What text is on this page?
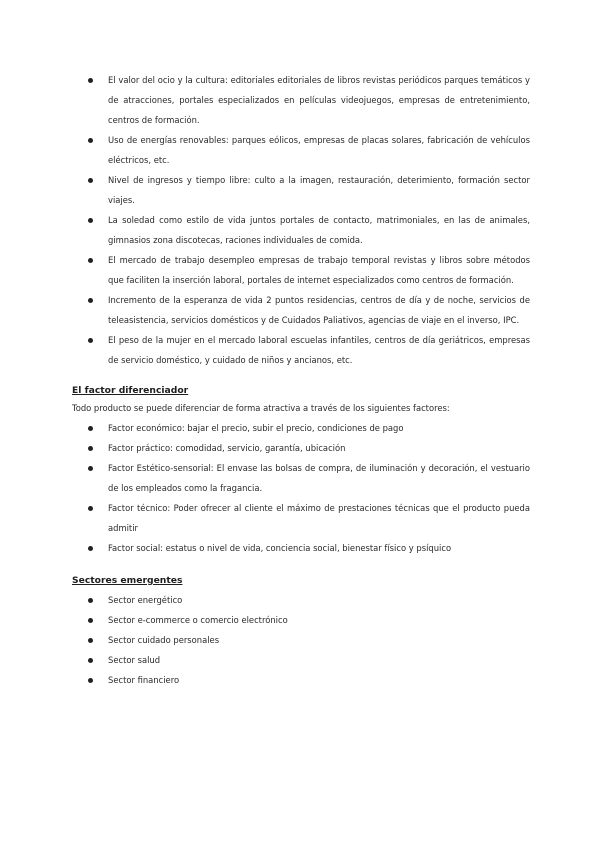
El valor del ocio y la cultura: editoriales editoriales de libros revistas periódicos parques temáticos y de atracciones, portales especializados en películas videojuegos, empresas de entretenimiento, centros de formación.
Uso de energías renovables: parques eólicos, empresas de placas solares, fabricación de vehículos eléctricos, etc.
Nivel de ingresos y tiempo libre: culto a la imagen, restauración, deterimiento, formación sector viajes.
La soledad como estilo de vida juntos portales de contacto, matrimoniales, en las de animales, gimnasios zona discotecas, raciones individuales de comida.
El mercado de trabajo desempleo empresas de trabajo temporal revistas y libros sobre métodos que faciliten la inserción laboral, portales de internet especializados como centros de formación.
Incremento de la esperanza de vida 2 puntos residencias, centros de día y de noche, servicios de teleasistencia, servicios domésticos y de Cuidados Paliativos, agencias de viaje en el inverso, IPC.
El peso de la mujer en el mercado laboral escuelas infantiles, centros de día geriátricos, empresas de servicio doméstico, y cuidado de niños y ancianos, etc.
El factor diferenciador
Todo producto se puede diferenciar de forma atractiva a través de los siguientes factores:
Factor económico: bajar el precio, subir el precio, condiciones de pago
Factor práctico: comodidad, servicio, garantía, ubicación
Factor Estético-sensorial: El envase las bolsas de compra, de iluminación y decoración, el vestuario de los empleados como la fragancia.
Factor técnico: Poder ofrecer al cliente el máximo de prestaciones técnicas que el producto pueda admitir
Factor social: estatus o nivel de vida, conciencia social, bienestar físico y psíquico
Sectores emergentes
Sector energético
Sector e-commerce o comercio electrónico
Sector cuidado personales
Sector salud
Sector financiero
